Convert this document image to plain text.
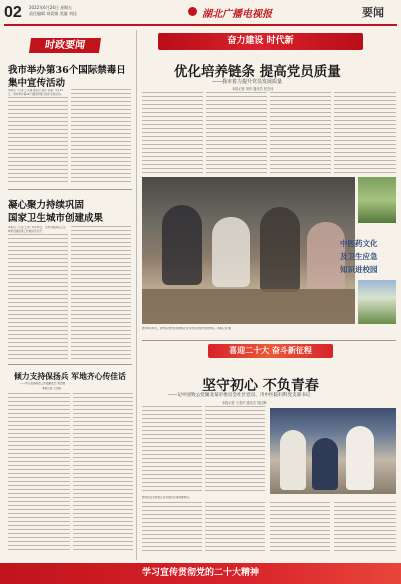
02 2022年6月24日 星期五
责任编辑 刘爱娟 美编 刘佳	湖北广播电视报	要闻
时政要闻
我市举办第36个国际禁毒日
集中宣传活动
本报讯（记者 王文瑞 通讯员 刘洋 张嘉）6月22日，我市举办第36个国际禁毒日集中宣传活动。
凝心聚力持续巩固
国家卫生城市创建成果
本报讯（记者 王欢）6月22日，全市巩固国家卫生城市创建成果工作推进会召开。
倾力支持保扬兵 军地齐心传佳话
——市人武部政治工作处副处长 贾志强
本报记者 王文娟
奋力建设 时代新
优化培养链条 提高党员质量
——我市着力提升党员发展质量
本报记者 刘华 通讯员 张宏伟
中医药文化
及卫生应急
知识进校园
图为6月21日，我市某学校党员教师正在为学生讲授中医药知识。本报记者 摄
喜迎二十大 奋斗新征程
坚守初心 不负青春
——记中国致公党湖北某市委员会社区党员、市中医院妇科党支部书记
本报记者 王春华 通讯员 刘红梅
图为社区志愿者正在为居民宣讲政策知识。
学习宣传贯彻党的二十大精神
